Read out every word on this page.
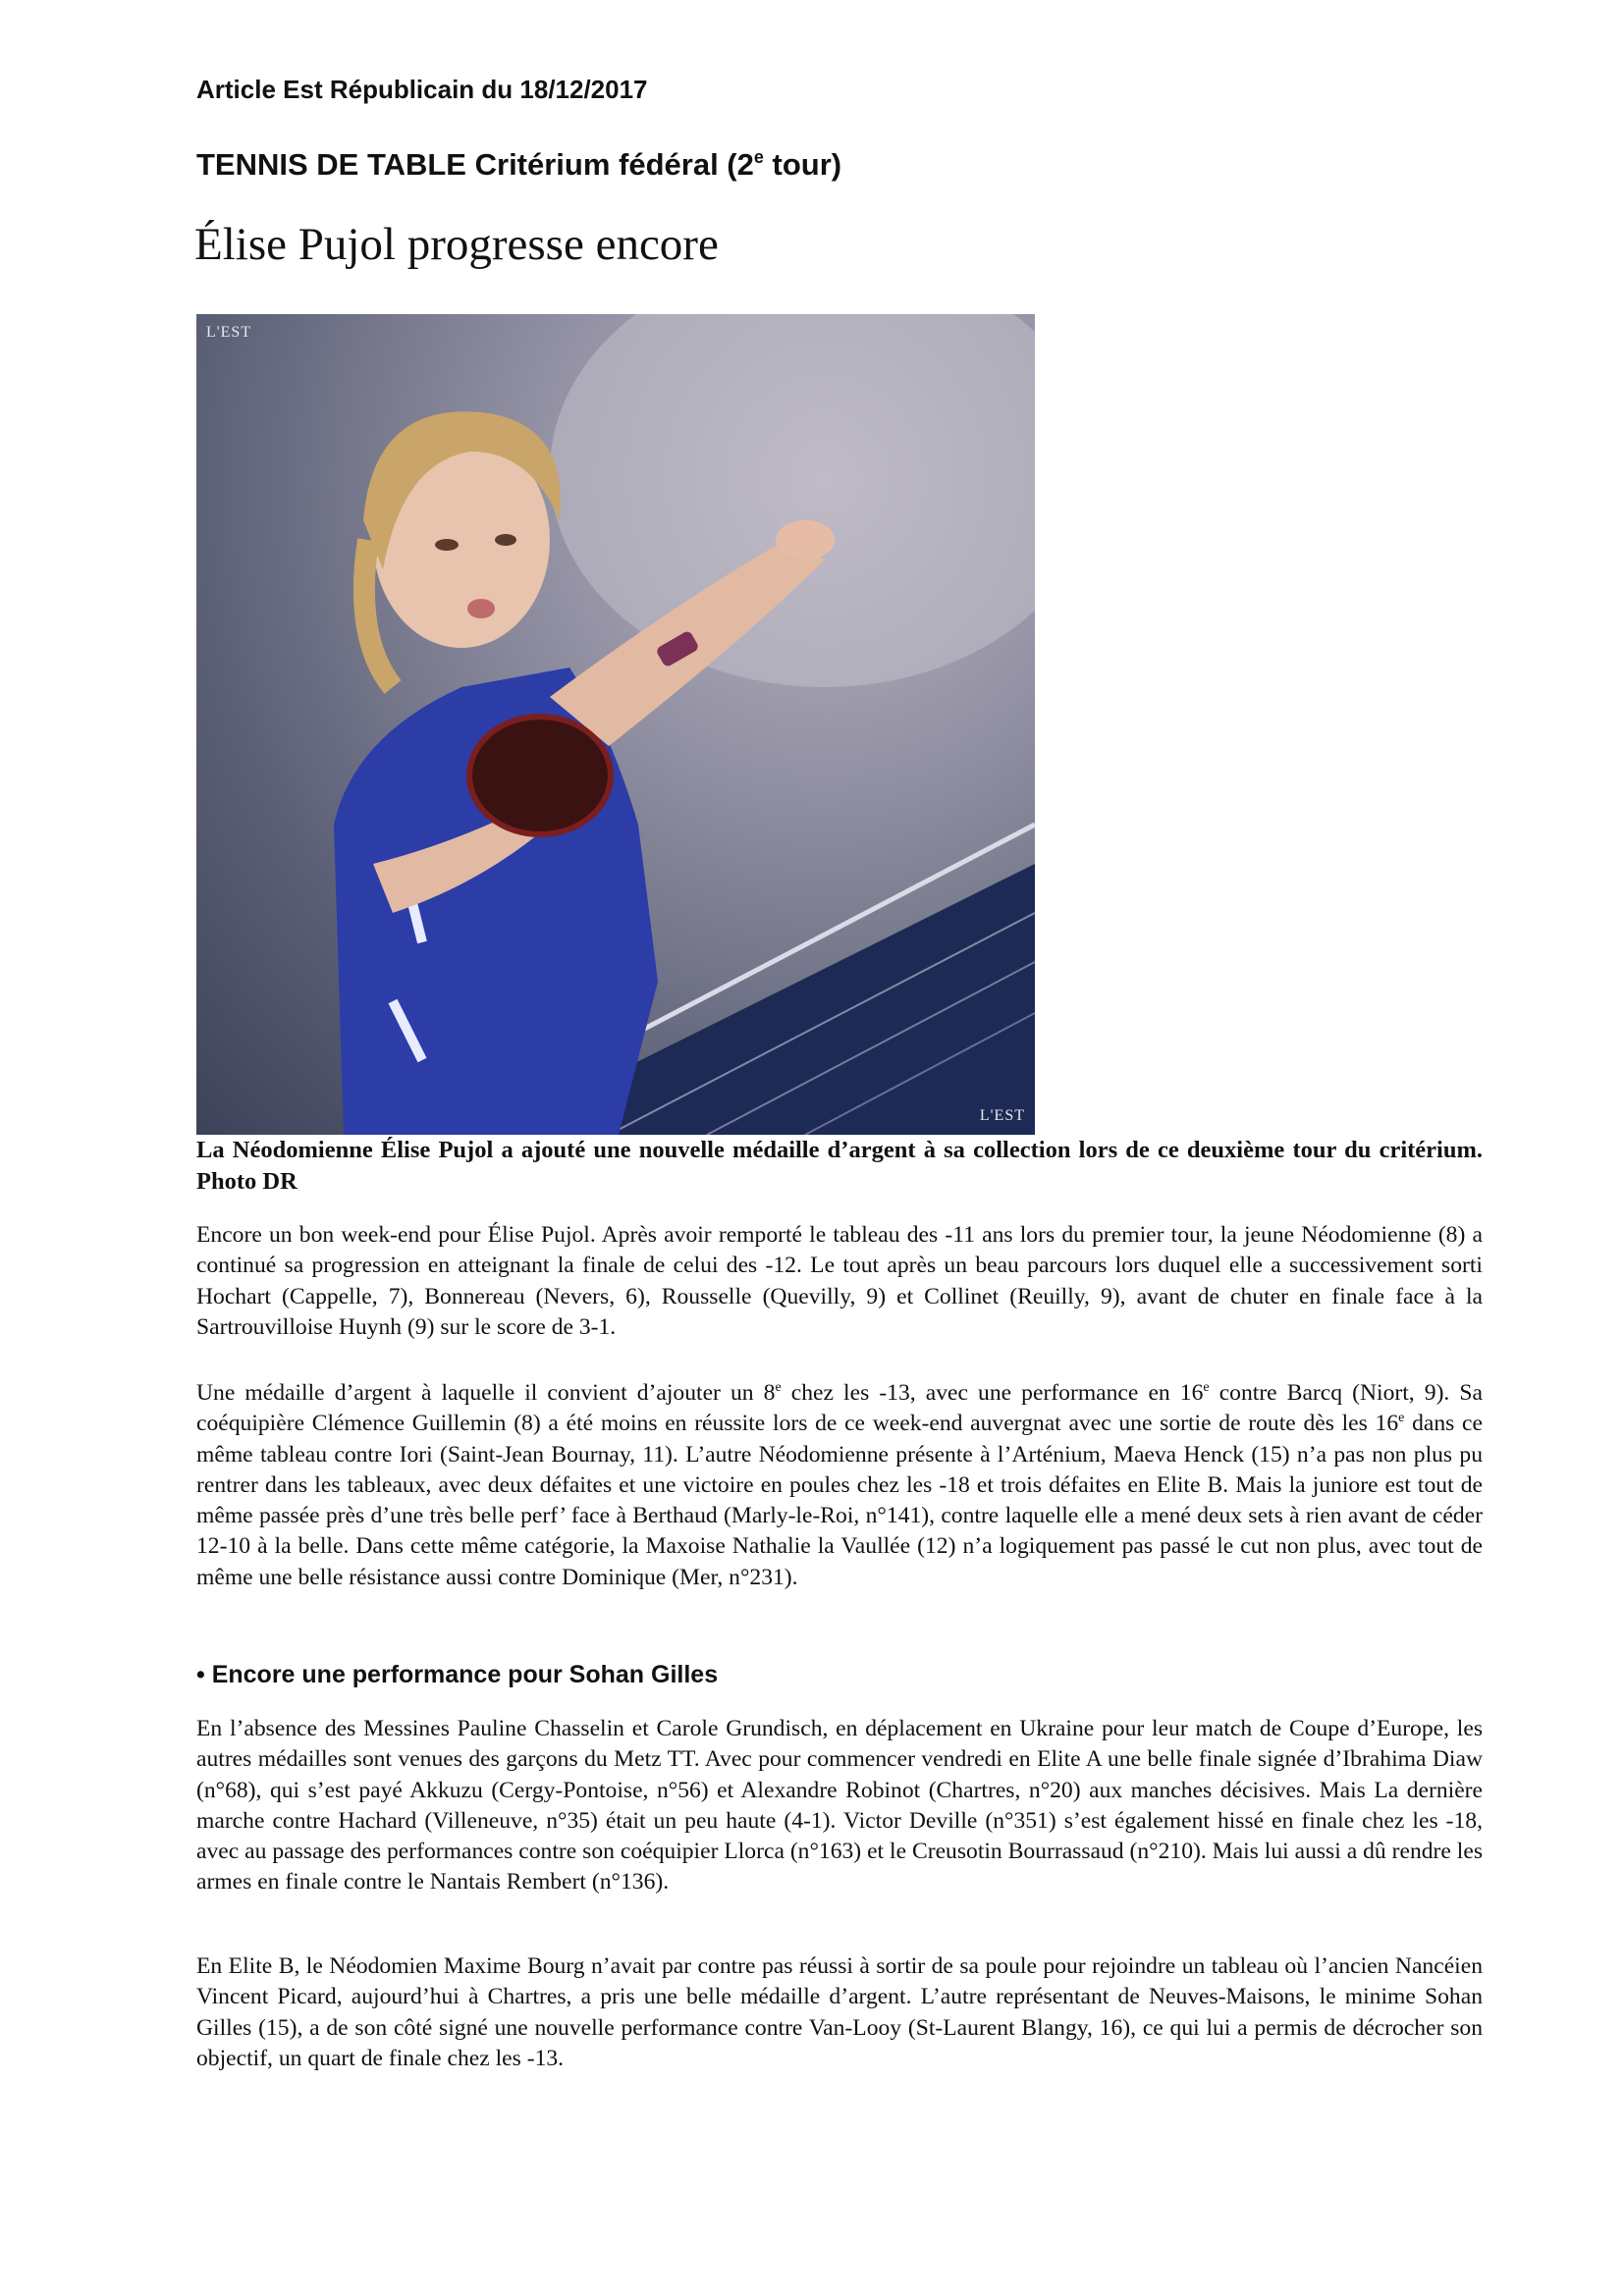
Article Est Républicain du 18/12/2017
TENNIS DE TABLE Critérium fédéral (2e tour)
Élise Pujol progresse encore
L'EST
L'EST
La Néodomienne Élise Pujol a ajouté une nouvelle médaille d’argent à sa collection lors de ce deuxième tour du critérium. Photo DR

Encore un bon week-end pour Élise Pujol. Après avoir remporté le tableau des -11 ans lors du premier tour, la jeune Néodomienne (8) a continué sa progression en atteignant la finale de celui des -12. Le tout après un beau parcours lors duquel elle a successivement sorti Hochart (Cappelle, 7), Bonnereau (Nevers, 6), Rousselle (Quevilly, 9) et Collinet (Reuilly, 9), avant de chuter en finale face à la Sartrouvilloise Huynh (9) sur le score de 3-1.

Une médaille d’argent à laquelle il convient d’ajouter un 8e chez les -13, avec une performance en 16e contre Barcq (Niort, 9). Sa coéquipière Clémence Guillemin (8) a été moins en réussite lors de ce week-end auvergnat avec une sortie de route dès les 16e dans ce même tableau contre Iori (Saint-Jean Bournay, 11). L’autre Néodomienne présente à l’Arténium, Maeva Henck (15) n’a pas non plus pu rentrer dans les tableaux, avec deux défaites et une victoire en poules chez les -18 et trois défaites en Elite B. Mais la juniore est tout de même passée près d’une très belle perf’ face à Berthaud (Marly-le-Roi, n°141), contre laquelle elle a mené deux sets à rien avant de céder 12-10 à la belle. Dans cette même catégorie, la Maxoise Nathalie la Vaullée (12) n’a logiquement pas passé le cut non plus, avec tout de même une belle résistance aussi contre Dominique (Mer, n°231).

• Encore une performance pour Sohan Gilles

En l’absence des Messines Pauline Chasselin et Carole Grundisch, en déplacement en Ukraine pour leur match de Coupe d’Europe, les autres médailles sont venues des garçons du Metz TT. Avec pour commencer vendredi en Elite A une belle finale signée d’Ibrahima Diaw (n°68), qui s’est payé Akkuzu (Cergy-Pontoise, n°56) et Alexandre Robinot (Chartres, n°20) aux manches décisives. Mais La dernière marche contre Hachard (Villeneuve, n°35) était un peu haute (4-1). Victor Deville (n°351) s’est également hissé en finale chez les -18, avec au passage des performances contre son coéquipier Llorca (n°163) et le Creusotin Bourrassaud (n°210). Mais lui aussi a dû rendre les armes en finale contre le Nantais Rembert (n°136).

En Elite B, le Néodomien Maxime Bourg n’avait par contre pas réussi à sortir de sa poule pour rejoindre un tableau où l’ancien Nancéien Vincent Picard, aujourd’hui à Chartres, a pris une belle médaille d’argent. L’autre représentant de Neuves-Maisons, le minime Sohan Gilles (15), a de son côté signé une nouvelle performance contre Van-Looy (St-Laurent Blangy, 16), ce qui lui a permis de décrocher son objectif, un quart de finale chez les -13.
